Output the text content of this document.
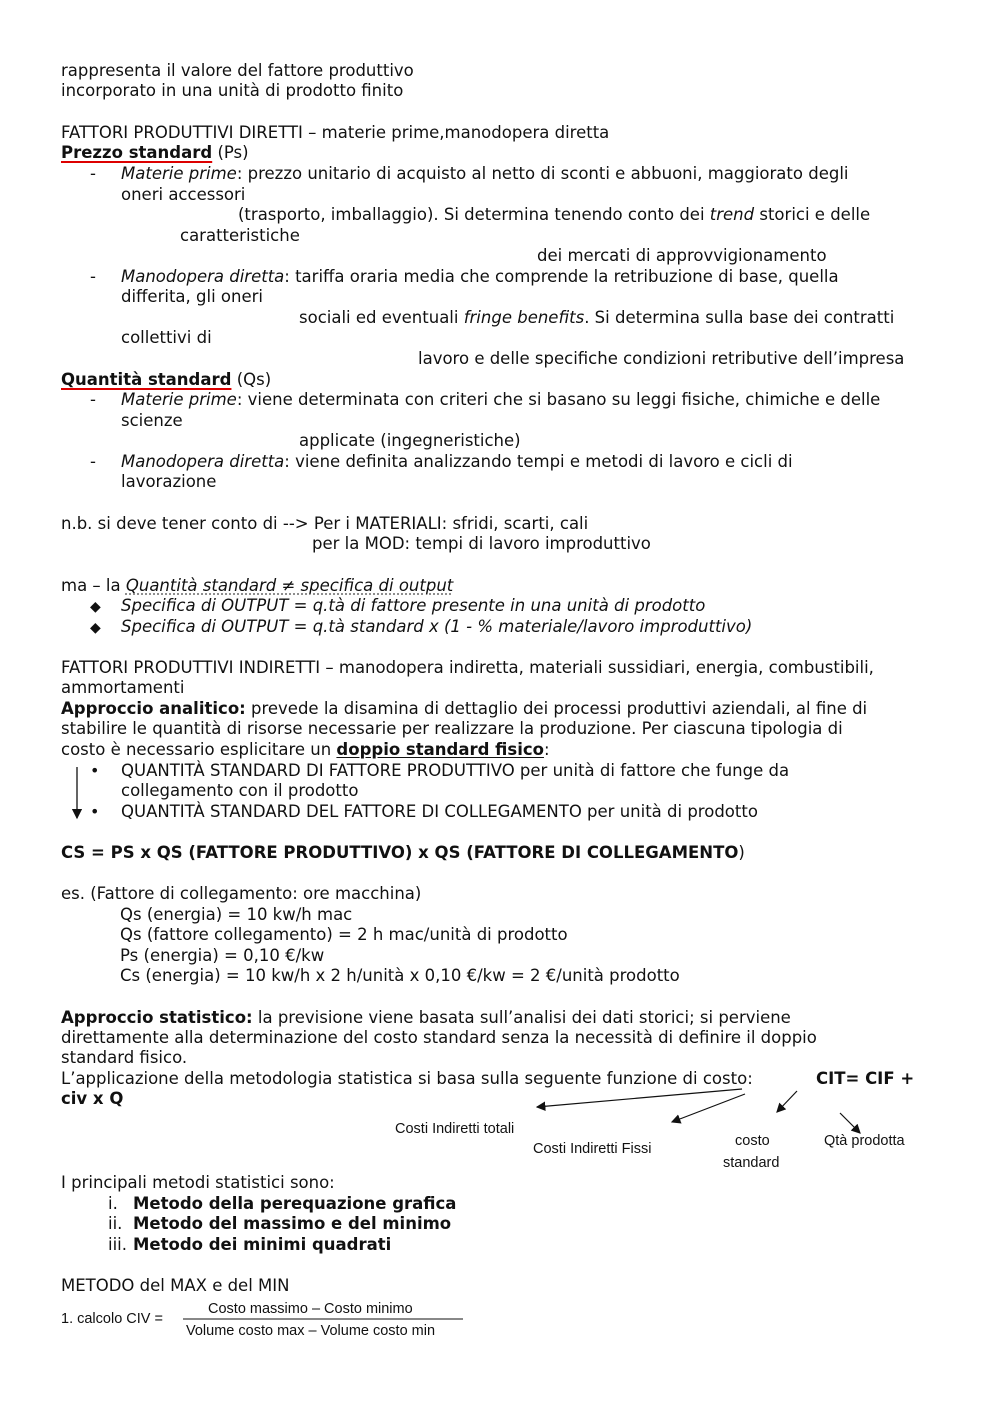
rappresenta il valore del fattore produttivo
incorporato in una unità di prodotto finito
FATTORI PRODUTTIVI DIRETTI – materie prime,manodopera diretta
Prezzo standard (Ps)
- Materie prime: prezzo unitario di acquisto al netto di sconti e abbuoni, maggiorato degli
oneri accessori
(trasporto, imballaggio). Si determina tenendo conto dei trend storici e delle
caratteristiche
dei mercati di approvvigionamento
- Manodopera diretta: tariffa oraria media che comprende la retribuzione di base, quella
differita, gli oneri
sociali ed eventuali fringe benefits. Si determina sulla base dei contratti
collettivi di
lavoro e delle specifiche condizioni retributive dell’impresa
Quantità standard (Qs)
- Materie prime: viene determinata con criteri che si basano su leggi fisiche, chimiche e delle
scienze
applicate (ingegneristiche)
- Manodopera diretta: viene definita analizzando tempi e metodi di lavoro e cicli di
lavorazione
n.b. si deve tener conto di --> Per i MATERIALI: sfridi, scarti, cali
per la MOD: tempi di lavoro improduttivo
ma – la Quantità standard ≠ specifica di output
◆ Specifica di OUTPUT = q.tà di fattore presente in una unità di prodotto
◆ Specifica di OUTPUT = q.tà standard x (1 - % materiale/lavoro improduttivo)
FATTORI PRODUTTIVI INDIRETTI – manodopera indiretta, materiali sussidiari, energia, combustibili,
ammortamenti
Approccio analitico: prevede la disamina di dettaglio dei processi produttivi aziendali, al fine di
stabilire le quantità di risorse necessarie per realizzare la produzione. Per ciascuna tipologia di
costo è necessario esplicitare un doppio standard fisico:
• QUANTITÀ STANDARD DI FATTORE PRODUTTIVO per unità di fattore che funge da
collegamento con il prodotto
• QUANTITÀ STANDARD DEL FATTORE DI COLLEGAMENTO per unità di prodotto
CS = PS x QS (FATTORE PRODUTTIVO) x QS (FATTORE DI COLLEGAMENTO)
es. (Fattore di collegamento: ore macchina)
Qs (energia) = 10 kw/h mac
Qs (fattore collegamento) = 2 h mac/unità di prodotto
Ps (energia) = 0,10 €/kw
Cs (energia) = 10 kw/h x 2 h/unità x 0,10 €/kw = 2 €/unità prodotto
Approccio statistico: la previsione viene basata sull’analisi dei dati storici; si perviene
direttamente alla determinazione del costo standard senza la necessità di definire il doppio
standard fisico.
L’applicazione della metodologia statistica si basa sulla seguente funzione di costo:	CIT= CIF +
civ x Q
Costi Indiretti totali
Costi Indiretti Fissi	costo
standard
Qtà prodotta
I principali metodi statistici sono:
i. Metodo della perequazione grafica
ii. Metodo del massimo e del minimo
iii. Metodo dei minimi quadrati
METODO del MAX e del MIN
1. calcolo CIV =
Costo massimo – Costo minimo
Volume costo max – Volume costo min
